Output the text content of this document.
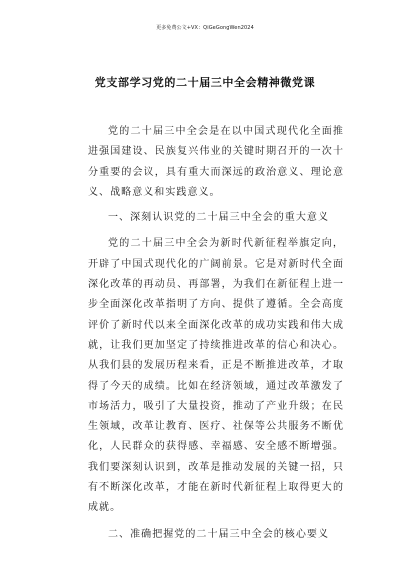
更多免费公文+VX：QiGeGongWen2024
党支部学习党的二十届三中全会精神微党课

党的二十届三中全会是在以中国式现代化全面推进强国建设、民族复兴伟业的关键时期召开的一次十分重要的会议，具有重大而深远的政治意义、理论意义、战略意义和实践意义。

一、深刻认识党的二十届三中全会的重大意义

党的二十届三中全会为新时代新征程举旗定向，开辟了中国式现代化的广阔前景。它是对新时代全面深化改革的再动员、再部署，为我们在新征程上进一步全面深化改革指明了方向、提供了遵循。全会高度评价了新时代以来全面深化改革的成功实践和伟大成就，让我们更加坚定了持续推进改革的信心和决心。从我们县的发展历程来看，正是不断推进改革，才取得了今天的成绩。比如在经济领域，通过改革激发了市场活力，吸引了大量投资，推动了产业升级；在民生领域，改革让教育、医疗、社保等公共服务不断优化，人民群众的获得感、幸福感、安全感不断增强。我们要深刻认识到，改革是推动发展的关键一招，只有不断深化改革，才能在新时代新征程上取得更大的成就。

二、准确把握党的二十届三中全会的核心要义
